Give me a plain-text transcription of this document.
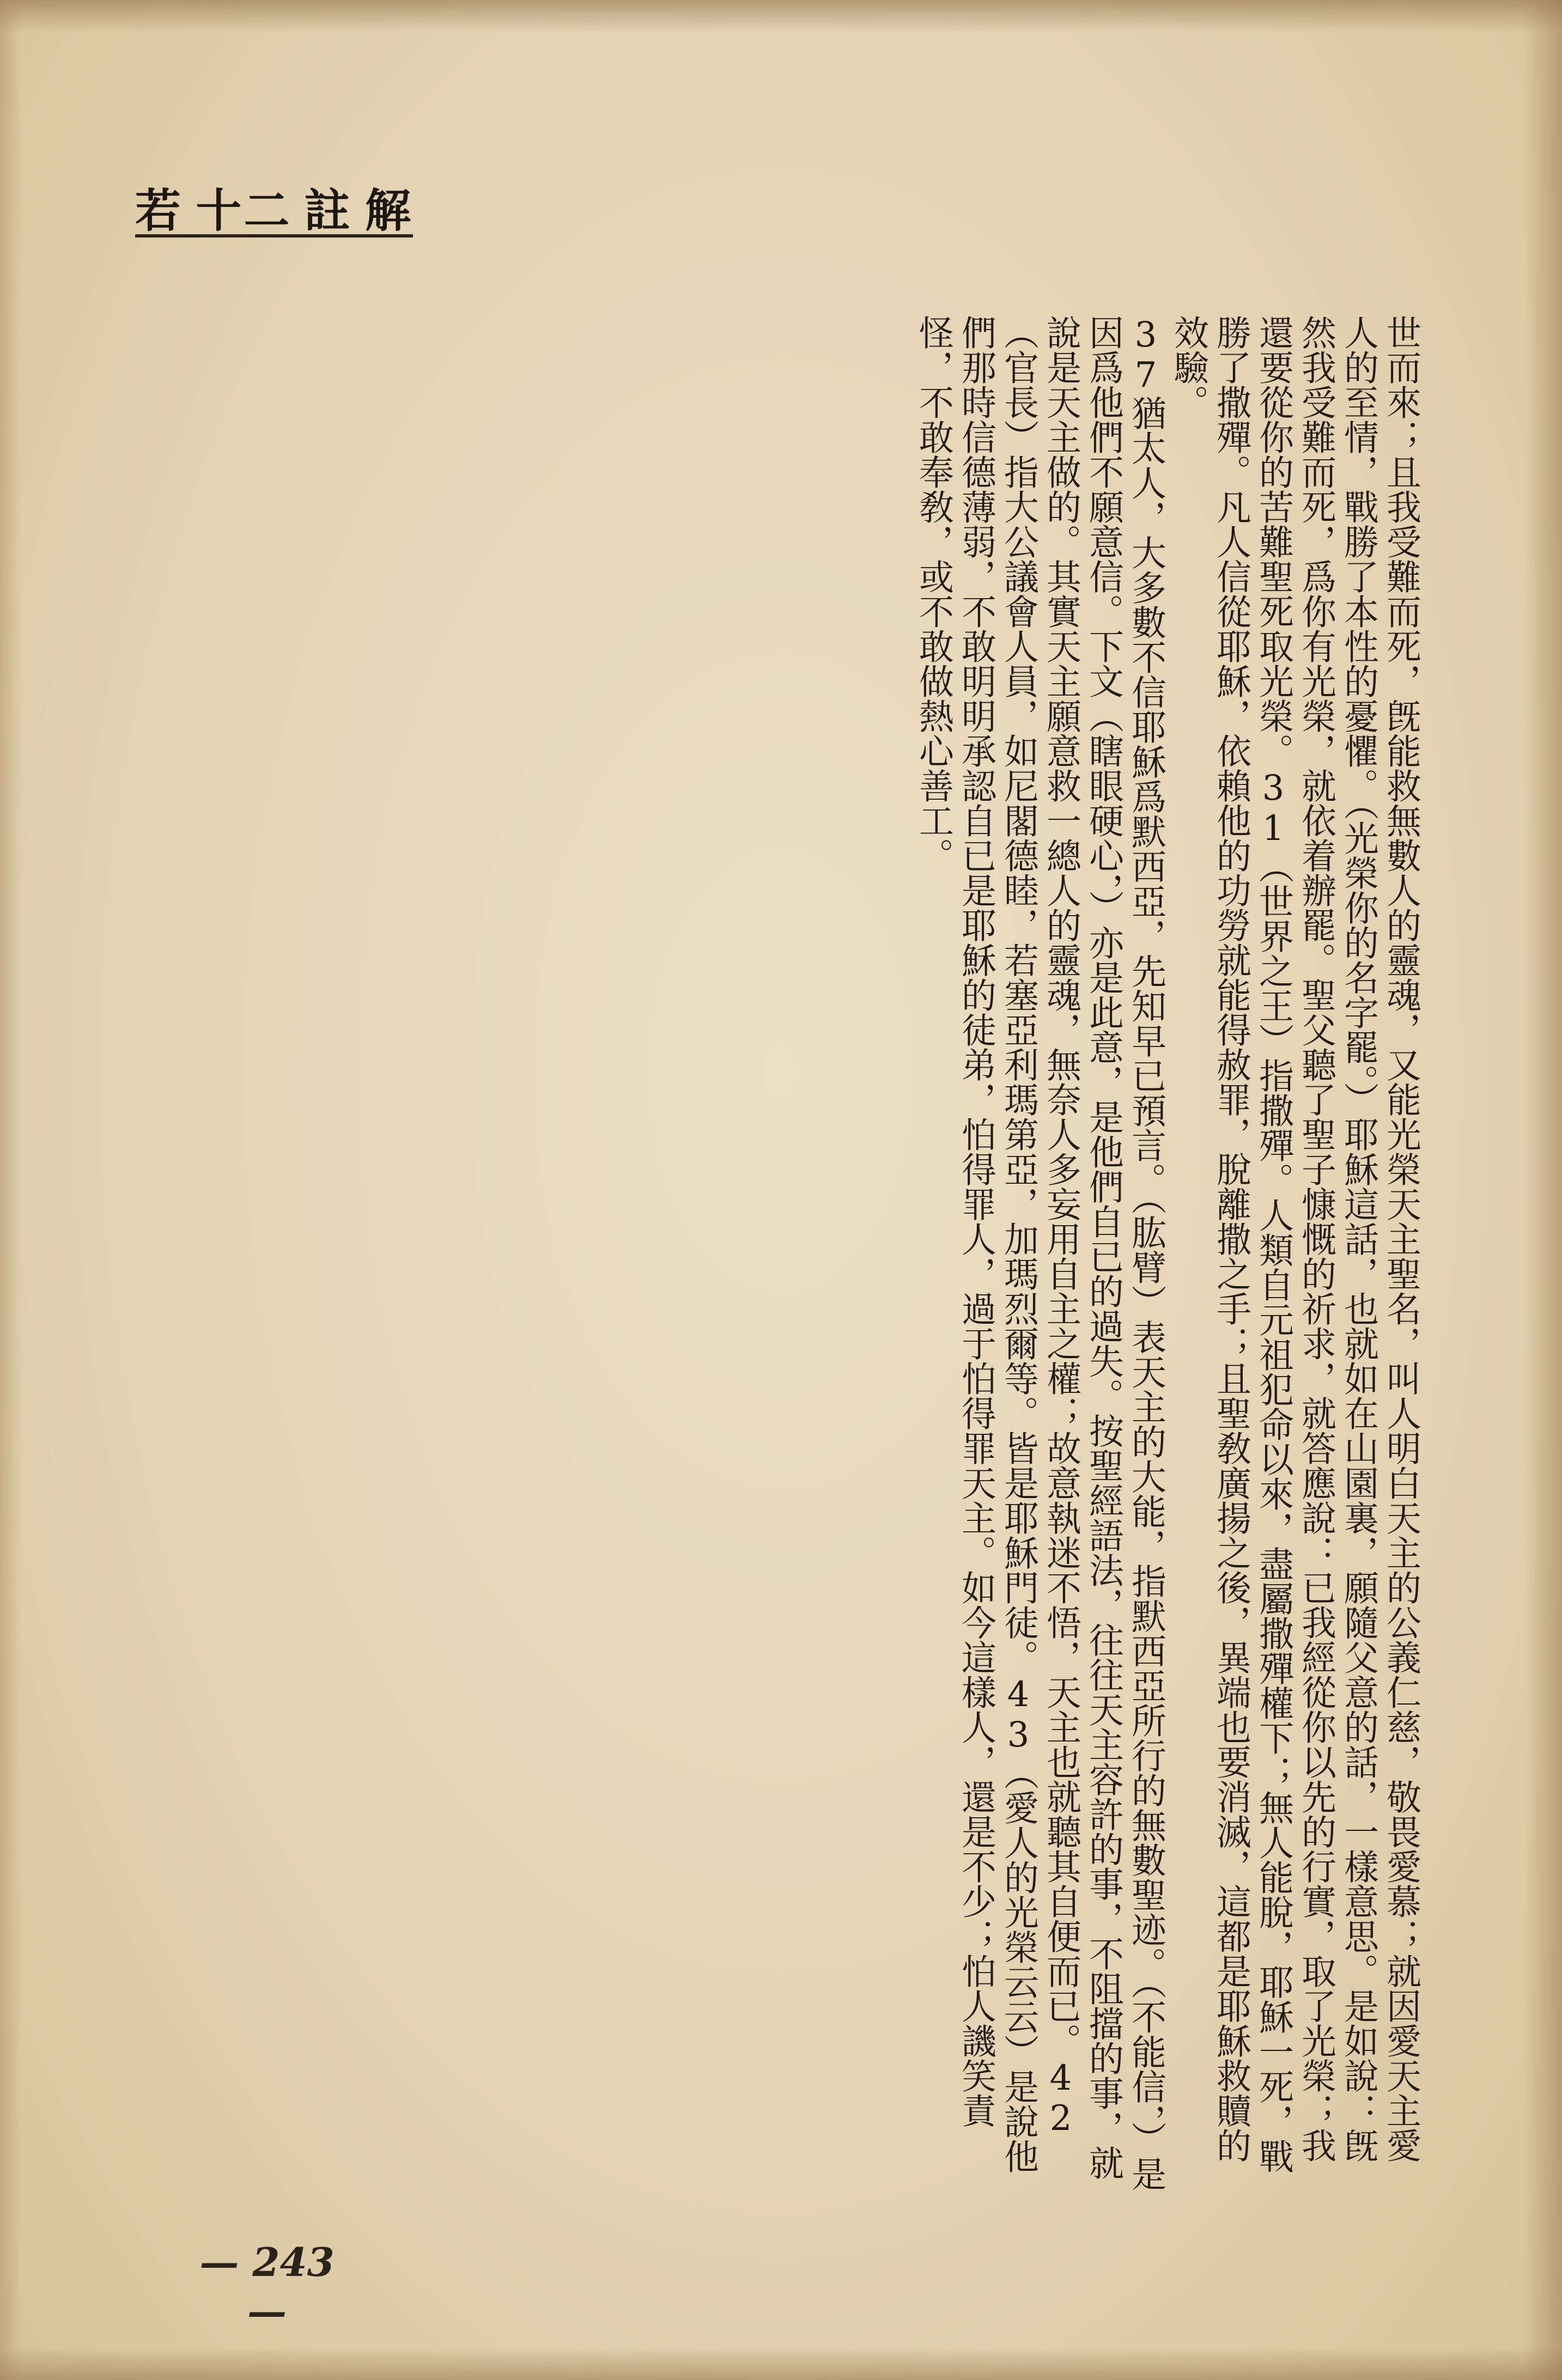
若 十二 註 解

世而來；且我受難而死，旣能救無數人的靈魂，又能光榮天主聖名，叫人明白天主的公義仁慈，敬畏愛慕；就因愛天主愛人的至情，戰勝了本性的憂懼。（光榮你的名字罷。）耶穌這話，也就如在山園裏，願隨父意的話，一樣意思。是如說：旣然我受難而死，爲你有光榮，就依着辦罷。聖父聽了聖子慷慨的祈求，就答應說：已我經從你以先的行實，取了光榮；我還要從你的苦難聖死取光榮。31（世界之王）指撒殫。人類自元祖犯命以來，盡屬撒殫權下；無人能脫，耶穌一死，戰勝了撒殫。凡人信從耶穌，依賴他的功勞就能得赦罪，脫離撒之手；且聖敎廣揚之後，異端也要消滅，這都是耶穌救贖的效驗。

37猶太人，大多數不信耶穌爲默西亞，先知早已預言。（肱臂）表天主的大能，指默西亞所行的無數聖迹。（不能信，）是因爲他們不願意信。下文（瞎眼硬心，）亦是此意，是他們自已的過失。按聖經語法，往往天主容許的事，不阻擋的事，就說是天主做的。其實天主願意救一總人的靈魂，無奈人多妄用自主之權；故意執迷不悟，天主也就聽其自便而已。42（官長）指大公議會人員，如尼閣德睦，若塞亞利瑪第亞，加瑪烈爾等。皆是耶穌門徒。43（愛人的光榮云云）是說他們那時信德薄弱，不敢明明承認自已是耶穌的徒弟，怕得罪人，過于怕得罪天主。如今這樣人，還是不少；怕人譏笑責怪，不敢奉敎，或不敢做熱心善工。

— 243 —
